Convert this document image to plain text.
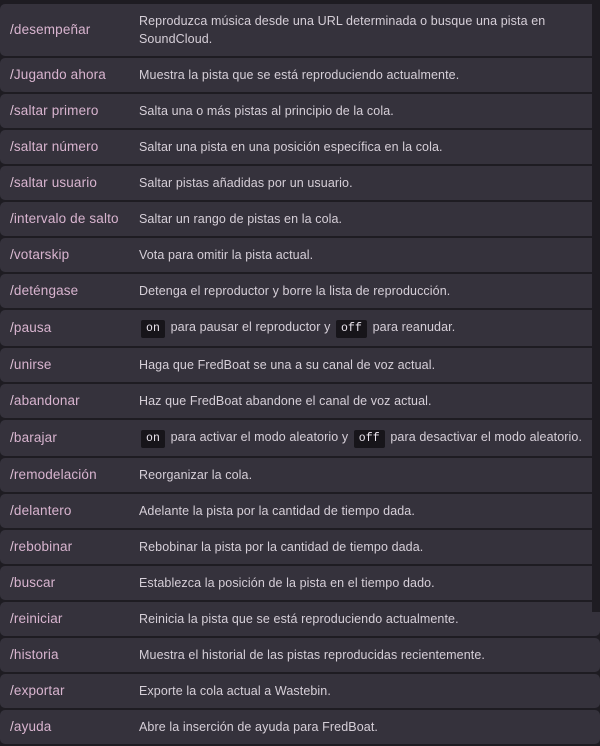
/desempeñar	Reproduzca música desde una URL determinada o busque una pista en SoundCloud.
/Jugando ahora	Muestra la pista que se está reproduciendo actualmente.
/saltar primero	Salta una o más pistas al principio de la cola.
/saltar número	Saltar una pista en una posición específica en la cola.
/saltar usuario	Saltar pistas añadidas por un usuario.
/intervalo de salto	Saltar un rango de pistas en la cola.
/votarskip	Vota para omitir la pista actual.
/deténgase	Detenga el reproductor y borre la lista de reproducción.
/pausa	on para pausar el reproductor y off para reanudar.
/unirse	Haga que FredBoat se una a su canal de voz actual.
/abandonar	Haz que FredBoat abandone el canal de voz actual.
/barajar	on para activar el modo aleatorio y off para desactivar el modo aleatorio.
/remodelación	Reorganizar la cola.
/delantero	Adelante la pista por la cantidad de tiempo dada.
/rebobinar	Rebobinar la pista por la cantidad de tiempo dada.
/buscar	Establezca la posición de la pista en el tiempo dado.
/reiniciar	Reinicia la pista que se está reproduciendo actualmente.
/historia	Muestra el historial de las pistas reproducidas recientemente.
/exportar	Exporte la cola actual a Wastebin.
/ayuda	Abre la inserción de ayuda para FredBoat.
